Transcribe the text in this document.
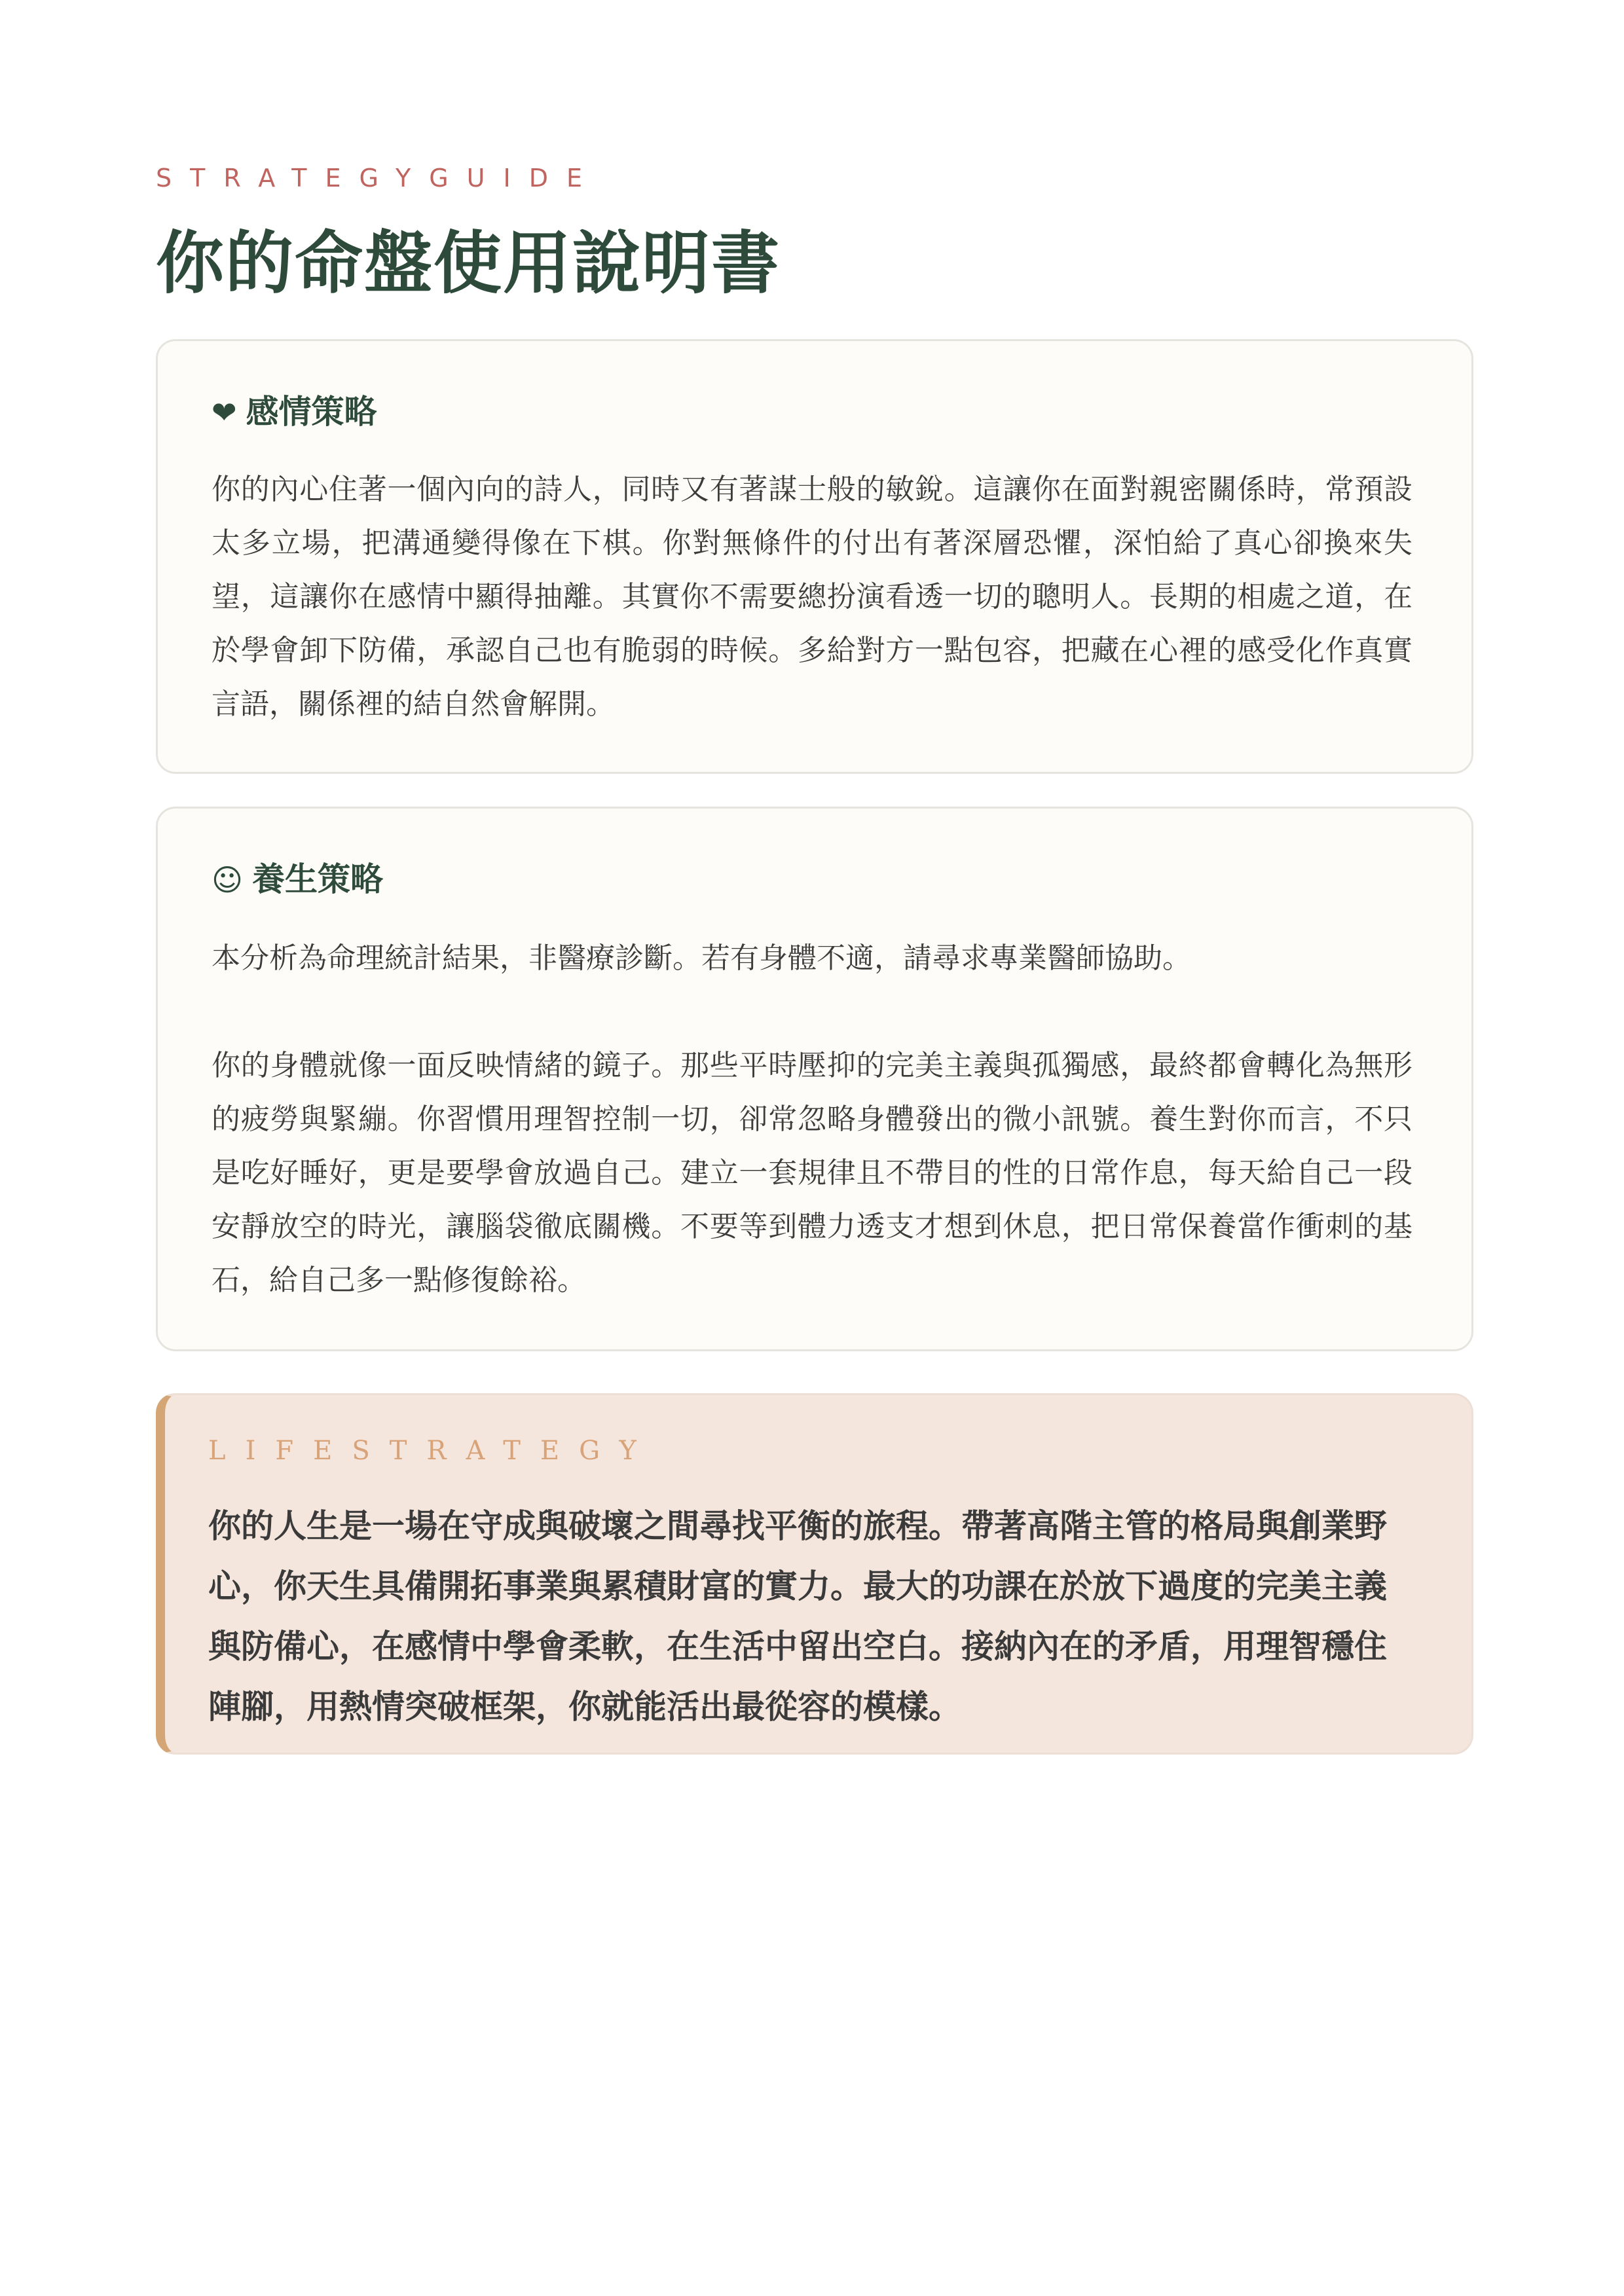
STRATEGYGUIDE
你的命盤使用說明書
❤ 感情策略

你的內心住著一個內向的詩人，同時又有著謀士般的敏銳。這讓你在面對親密關係時，常預設太多立場，把溝通變得像在下棋。你對無條件的付出有著深層恐懼，深怕給了真心卻換來失望，這讓你在感情中顯得抽離。其實你不需要總扮演看透一切的聰明人。長期的相處之道，在於學會卸下防備，承認自己也有脆弱的時候。多給對方一點包容，把藏在心裡的感受化作真實言語，關係裡的結自然會解開。

☺ 養生策略

本分析為命理統計結果，非醫療診斷。若有身體不適，請尋求專業醫師協助。

你的身體就像一面反映情緒的鏡子。那些平時壓抑的完美主義與孤獨感，最終都會轉化為無形的疲勞與緊繃。你習慣用理智控制一切，卻常忽略身體發出的微小訊號。養生對你而言，不只是吃好睡好，更是要學會放過自己。建立一套規律且不帶目的性的日常作息，每天給自己一段安靜放空的時光，讓腦袋徹底關機。不要等到體力透支才想到休息，把日常保養當作衝刺的基石，給自己多一點修復餘裕。

LIFESTRATEGY

你的人生是一場在守成與破壞之間尋找平衡的旅程。帶著高階主管的格局與創業野心，你天生具備開拓事業與累積財富的實力。最大的功課在於放下過度的完美主義與防備心，在感情中學會柔軟，在生活中留出空白。接納內在的矛盾，用理智穩住陣腳，用熱情突破框架，你就能活出最從容的模樣。
